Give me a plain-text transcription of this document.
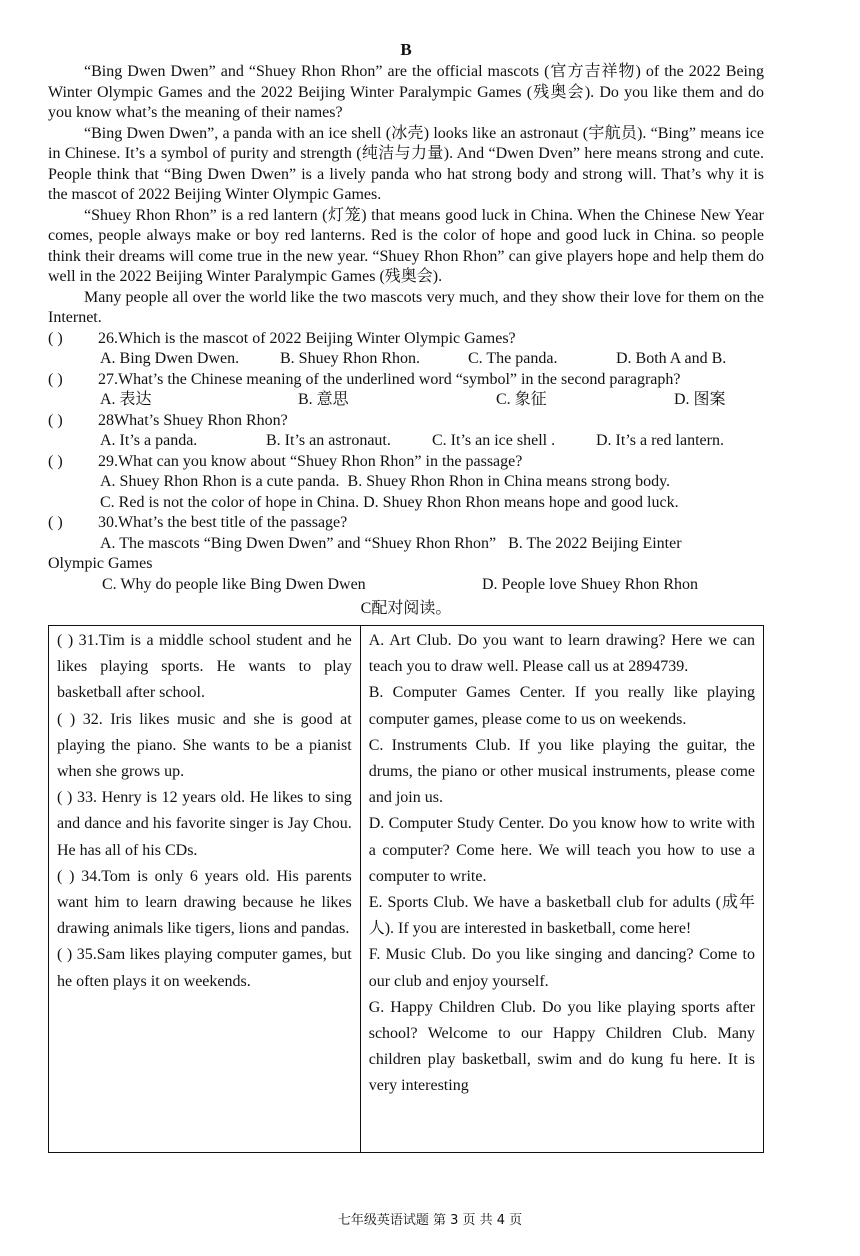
B

“Bing Dwen Dwen” and “Shuey Rhon Rhon” are the official mascots (官方吉祥物) of the 2022 Being Winter Olympic Games and the 2022 Beijing Winter Paralympic Games (残奥会). Do you like them and do you know what’s the meaning of their names?

“Bing Dwen Dwen”, a panda with an ice shell (冰壳) looks like an astronaut (宇航员). “Bing” means ice in Chinese. It’s a symbol of purity and strength (纯洁与力量). And “Dwen Dven” here means strong and cute. People think that “Bing Dwen Dwen” is a lively panda who hat strong body and strong will. That’s why it is the mascot of 2022 Beijing Winter Olympic Games.

“Shuey Rhon Rhon” is a red lantern (灯笼) that means good luck in China. When the Chinese New Year comes, people always make or boy red lanterns. Red is the color of hope and good luck in China. so people think their dreams will come true in the new year. “Shuey Rhon Rhon” can give players hope and help them do well in the 2022 Beijing Winter Paralympic Games (残奥会).

Many people all over the world like the two mascots very much, and they show their love for them on the Internet.

( ) 26.Which is the mascot of 2022 Beijing Winter Olympic Games?

A. Bing Dwen Dwen.	B. Shuey Rhon Rhon.	C. The panda.	D. Both A and B.

( ) 27.What’s the Chinese meaning of the underlined word “symbol” in the second paragraph?

A. 表达	B. 意思	C. 象征	D. 图案

( ) 28What’s Shuey Rhon Rhon?

A. It’s a panda.	B. It’s an astronaut.	C. It’s an ice shell .	D. It’s a red lantern.

( ) 29.What can you know about “Shuey Rhon Rhon” in the passage?

A. Shuey Rhon Rhon is a cute panda.  B. Shuey Rhon Rhon in China means strong body.
C. Red is not the color of hope in China. D. Shuey Rhon Rhon means hope and good luck.

( ) 30.What’s the best title of the passage?

A. The mascots “Bing Dwen Dwen” and “Shuey Rhon Rhon”   B. The 2022 Beijing Einter

Olympic Games

C. Why do people like Bing Dwen Dwen	D. People love Shuey Rhon Rhon
C配对阅读。

( ) 31.Tim is a middle school student and he likes playing sports. He wants to play basketball after school.

( ) 32. Iris likes music and she is good at playing the piano. She wants to be a pianist when she grows up.

( ) 33. Henry is 12 years old. He likes to sing and dance and his favorite singer is Jay Chou. He has all of his CDs.

( ) 34.Tom is only 6 years old. His parents want him to learn drawing because he likes drawing animals like tigers, lions and pandas.

( ) 35.Sam likes playing computer games, but he often plays it on weekends.

A. Art Club. Do you want to learn drawing? Here we can teach you to draw well. Please call us at 2894739.

B. Computer Games Center. If you really like playing computer games, please come to us on weekends.

C. Instruments Club. If you like playing the guitar, the drums, the piano or other musical instruments, please come and join us.

D. Computer Study Center. Do you know how to write with a computer? Come here. We will teach you how to use a computer to write.

E. Sports Club. We have a basketball club for adults (成年人). If you are interested in basketball, come here!

F. Music Club. Do you like singing and dancing? Come to our club and enjoy yourself.

G. Happy Children Club. Do you like playing sports after school? Welcome to our Happy Children Club. Many children play basketball, swim and do kung fu here. It is very interesting

七年级英语试题 第 3 页 共 4 页
